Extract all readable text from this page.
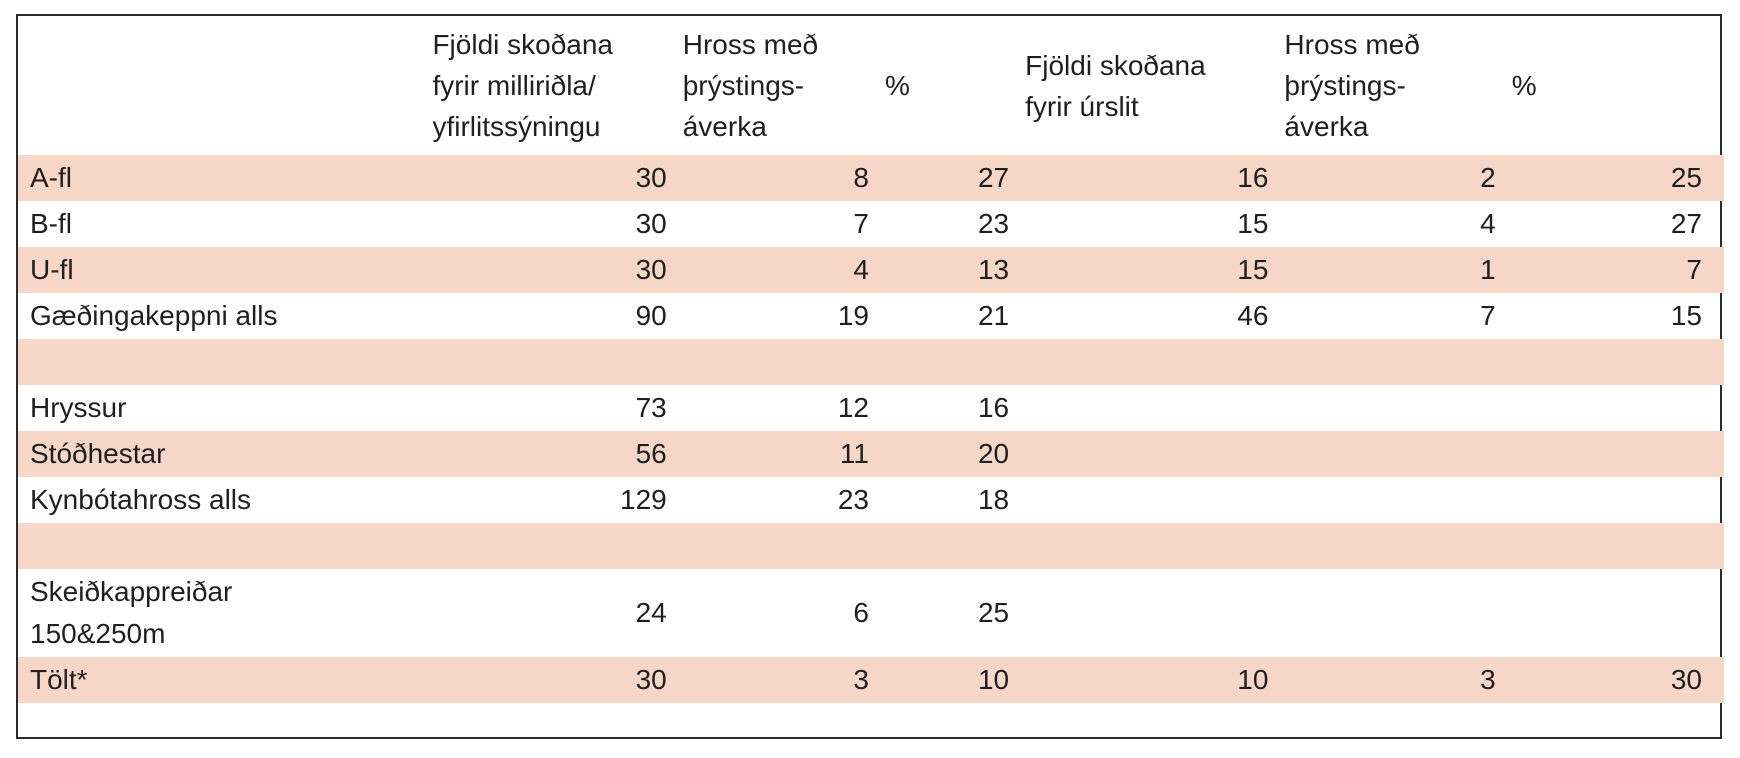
	Fjöldi skoðana
fyrir milliriðla/
yfirlitssýningu	Hross með
þrýstings-
áverka	%	Fjöldi skoðana
fyrir úrslit	Hross með
þrýstings-
áverka	%

A-fl	30	8	27	16	2	25

B-fl	30	7	23	15	4	27

U-fl	30	4	13	15	1	7

Gæðingakeppni alls	90	19	21	46	7	15

Hryssur	73	12	16			

Stóðhestar	56	11	20			

Kynbótahross alls	129	23	18			

Skeiðkappreiðar
150&250m	24	6	25			

Tölt*	30	3	10	10	3	30
